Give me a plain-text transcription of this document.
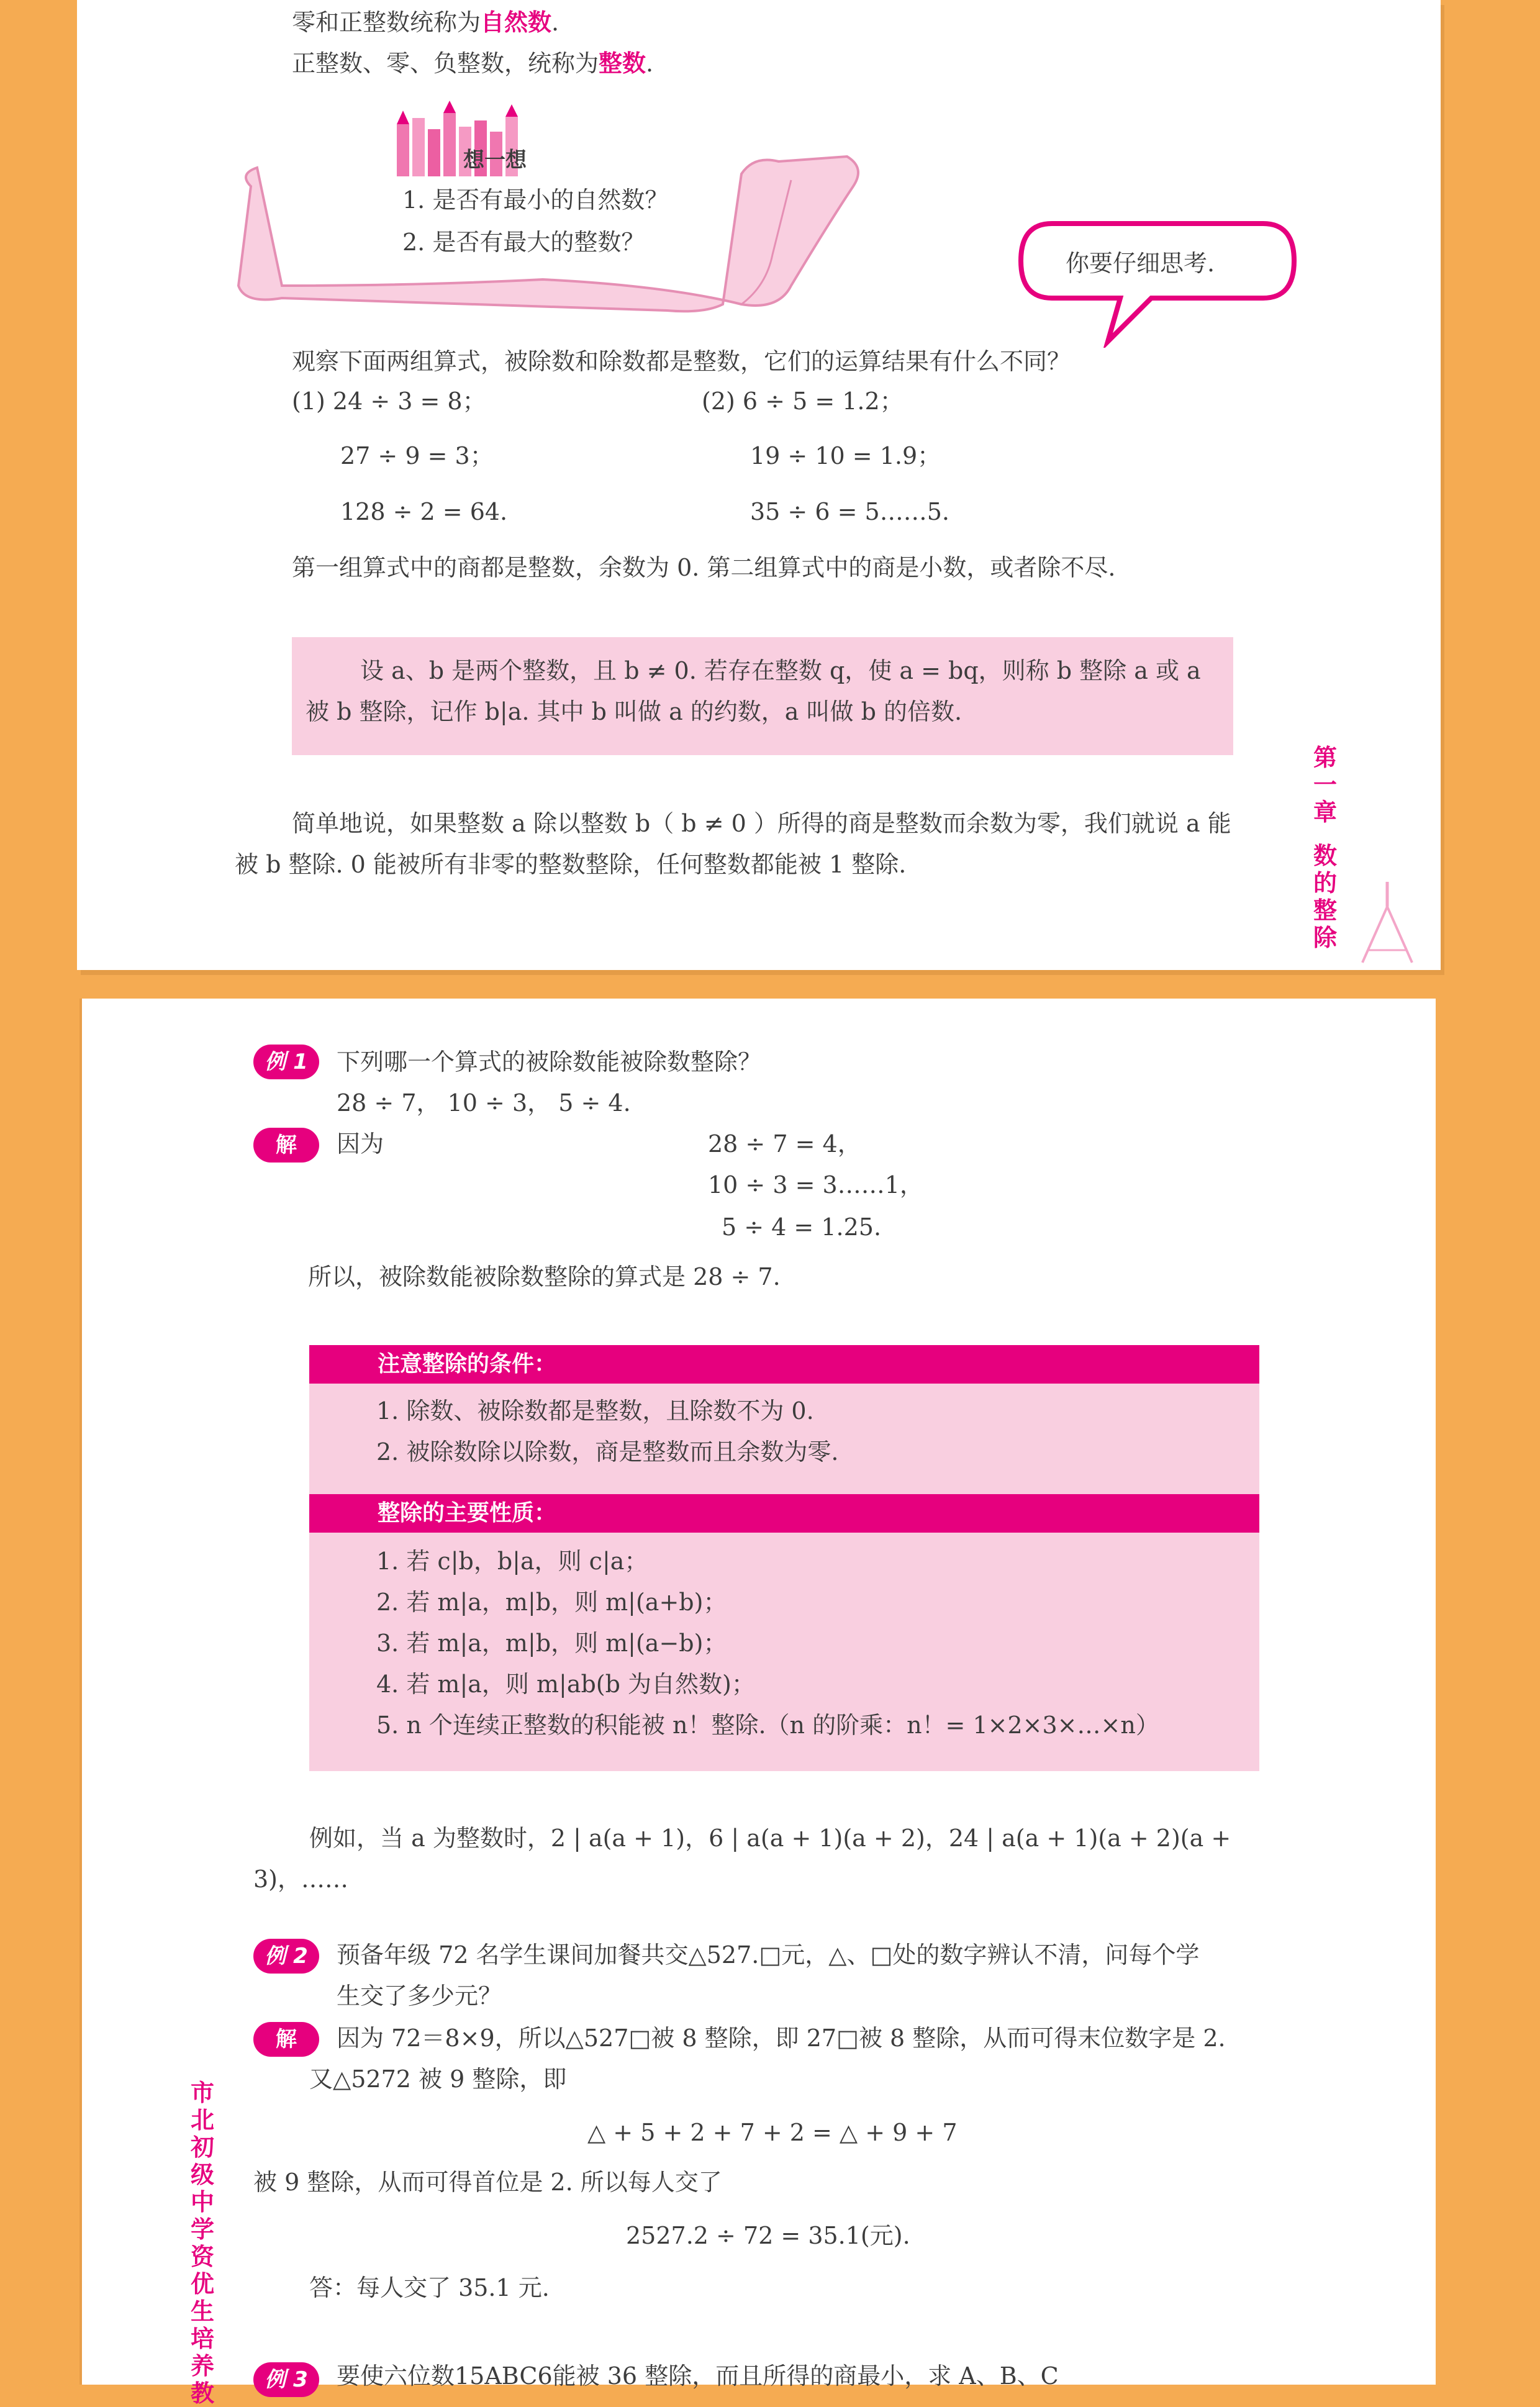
零和正整数统称为自然数.
正整数、零、负整数，统称为整数.
想一想
1. 是否有最小的自然数？
2. 是否有最大的整数？
你要仔细思考.
观察下面两组算式，被除数和除数都是整数，它们的运算结果有什么不同？
(1) 24 ÷ 3 = 8；
27 ÷ 9 = 3；
128 ÷ 2 = 64.
(2) 6 ÷ 5 = 1.2；
19 ÷ 10 = 1.9；
35 ÷ 6 = 5……5.
第一组算式中的商都是整数，余数为 0. 第二组算式中的商是小数，或者除不尽.
设 a、b 是两个整数，且 b ≠ 0. 若存在整数 q，使 a = bq，则称 b 整除 a 或 a
被 b 整除，记作 b|a. 其中 b 叫做 a 的约数，a 叫做 b 的倍数.
简单地说，如果整数 a 除以整数 b（ b ≠ 0 ）所得的商是整数而余数为零，我们就说 a 能
被 b 整除. 0 能被所有非零的整数整除，任何整数都能被 1 整除.
第
一
章
数
的
整
除
例 1	下列哪一个算式的被除数能被除数整除？
28 ÷ 7， 10 ÷ 3， 5 ÷ 4.
解	因为	28 ÷ 7 = 4，
10 ÷ 3 = 3……1，
5 ÷ 4 = 1.25.
所以，被除数能被除数整除的算式是 28 ÷ 7.
注意整除的条件：
1. 除数、被除数都是整数，且除数不为 0.
2. 被除数除以除数，商是整数而且余数为零.
整除的主要性质：
1. 若 c|b，b|a，则 c|a；
2. 若 m|a，m|b，则 m|(a+b)；
3. 若 m|a，m|b，则 m|(a−b)；
4. 若 m|a，则 m|ab(b 为自然数)；
5. n 个连续正整数的积能被 n！整除.（n 的阶乘：n！= 1×2×3×…×n）
例如，当 a 为整数时，2 | a(a + 1)，6 | a(a + 1)(a + 2)，24 | a(a + 1)(a + 2)(a +
3)，……
例 2	预备年级 72 名学生课间加餐共交△527.□元，△、□处的数字辨认不清，问每个学
生交了多少元？
解	因为 72＝8×9，所以△527□被 8 整除，即 27□被 8 整除，从而可得末位数字是 2.
又△5272 被 9 整除，即
△ + 5 + 2 + 7 + 2 = △ + 9 + 7
被 9 整除，从而可得首位是 2. 所以每人交了
2527.2 ÷ 72 = 35.1(元).
答：每人交了 35.1 元.
例 3	要使六位数15ABC6能被 36 整除，而且所得的商最小，求 A、B、C
市
北
初
级
中
学
资
优
生
培
养
教
